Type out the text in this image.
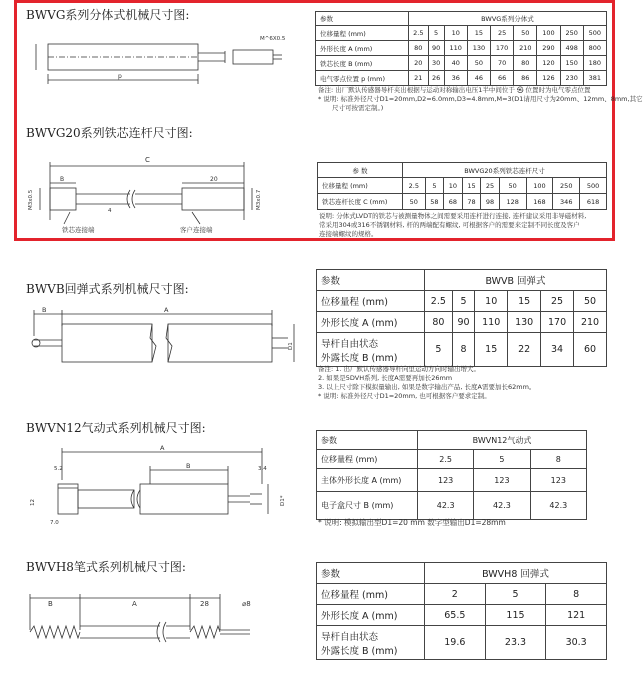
BWVG系列分体式机械尺寸图:
p
M^6X0.5
参数	BWVG系列分体式								
位移量程 (mm)	2.5	5	10	15	25	50	100	250	500
外形长度 A (mm)	80	90	110	130	170	210	290	498	800
铁芯长度 B (mm)	20	30	40	50	70	80	120	150	180
电气零点位置 p (mm)	21	26	36	46	66	86	126	230	381
备注: 出厂默认传感器导杆夹出根据与运动对称输出电压1半中间位于 ㉿ 位置时为电气零点位置
* 说明: 标准外径尺寸D1=20mm,D2=6.0mm,D3=4.8mm,M=3(D1请用尺寸为20mm、12mm、8mm,其它
尺寸可按需定制。)
BWVG20系列铁芯连杆尺寸图:
C
B	20
4
M3x0.5	M3x0.7
铁芯连接端	客户连接端
参 数	BWVG20系列铁芯连杆尺寸								
位移量程 (mm)	2.5	5	10	15	25	50	100	250	500
铁芯连杆长度 C (mm)	50	58	68	78	98	128	168	346	618
说明: 分体式LVDT的铁芯与被测量物体之间需要采用连杆进行连接, 连杆建议采用非导磁材料,
常采用304或316不锈钢材料, 杆的两端配有螺纹, 可根据客户的需要来定制不同长度及客户
连接端螺纹的规格。
BWVB回弹式系列机械尺寸图:
B	A
D1
参数	BWVB 回弹式					
位移量程 (mm)	2.5	5	10	15	25	50
外形长度 A (mm)	80	90	110	130	170	210
导杆自由状态
外露长度 B (mm)	5	8	15	22	34	60
备注: 1. 出厂默认传感器导杆向里运动方向时输出增大。
2. 如果是5DVH系列, 长度A需要再加长26mm
3. 以上尺寸除下模拟量输出, 如果是数字输出产品, 长度A需要加长62mm。
* 说明: 标准外径尺寸D1=20mm, 也可根据客户要求定制。
BWVN12气动式系列机械尺寸图:
A
B
5.2	3.4
12
7.0
D1*
参数	BWVN12气动式		
位移量程 (mm)	2.5	5	8
主体外形长度 A (mm)	123	123	123
电子盒尺寸 B (mm)	42.3	42.3	42.3
* 说明: 模拟输出型D1=20 mm 数字型输出D1=28mm
BWVH8笔式系列机械尺寸图:
B	A	28	⌀8
参数	BWVH8 回弹式		
位移量程 (mm)	2	5	8
外形长度 A (mm)	65.5	115	121
导杆自由状态
外露长度 B (mm)	19.6	23.3	30.3
